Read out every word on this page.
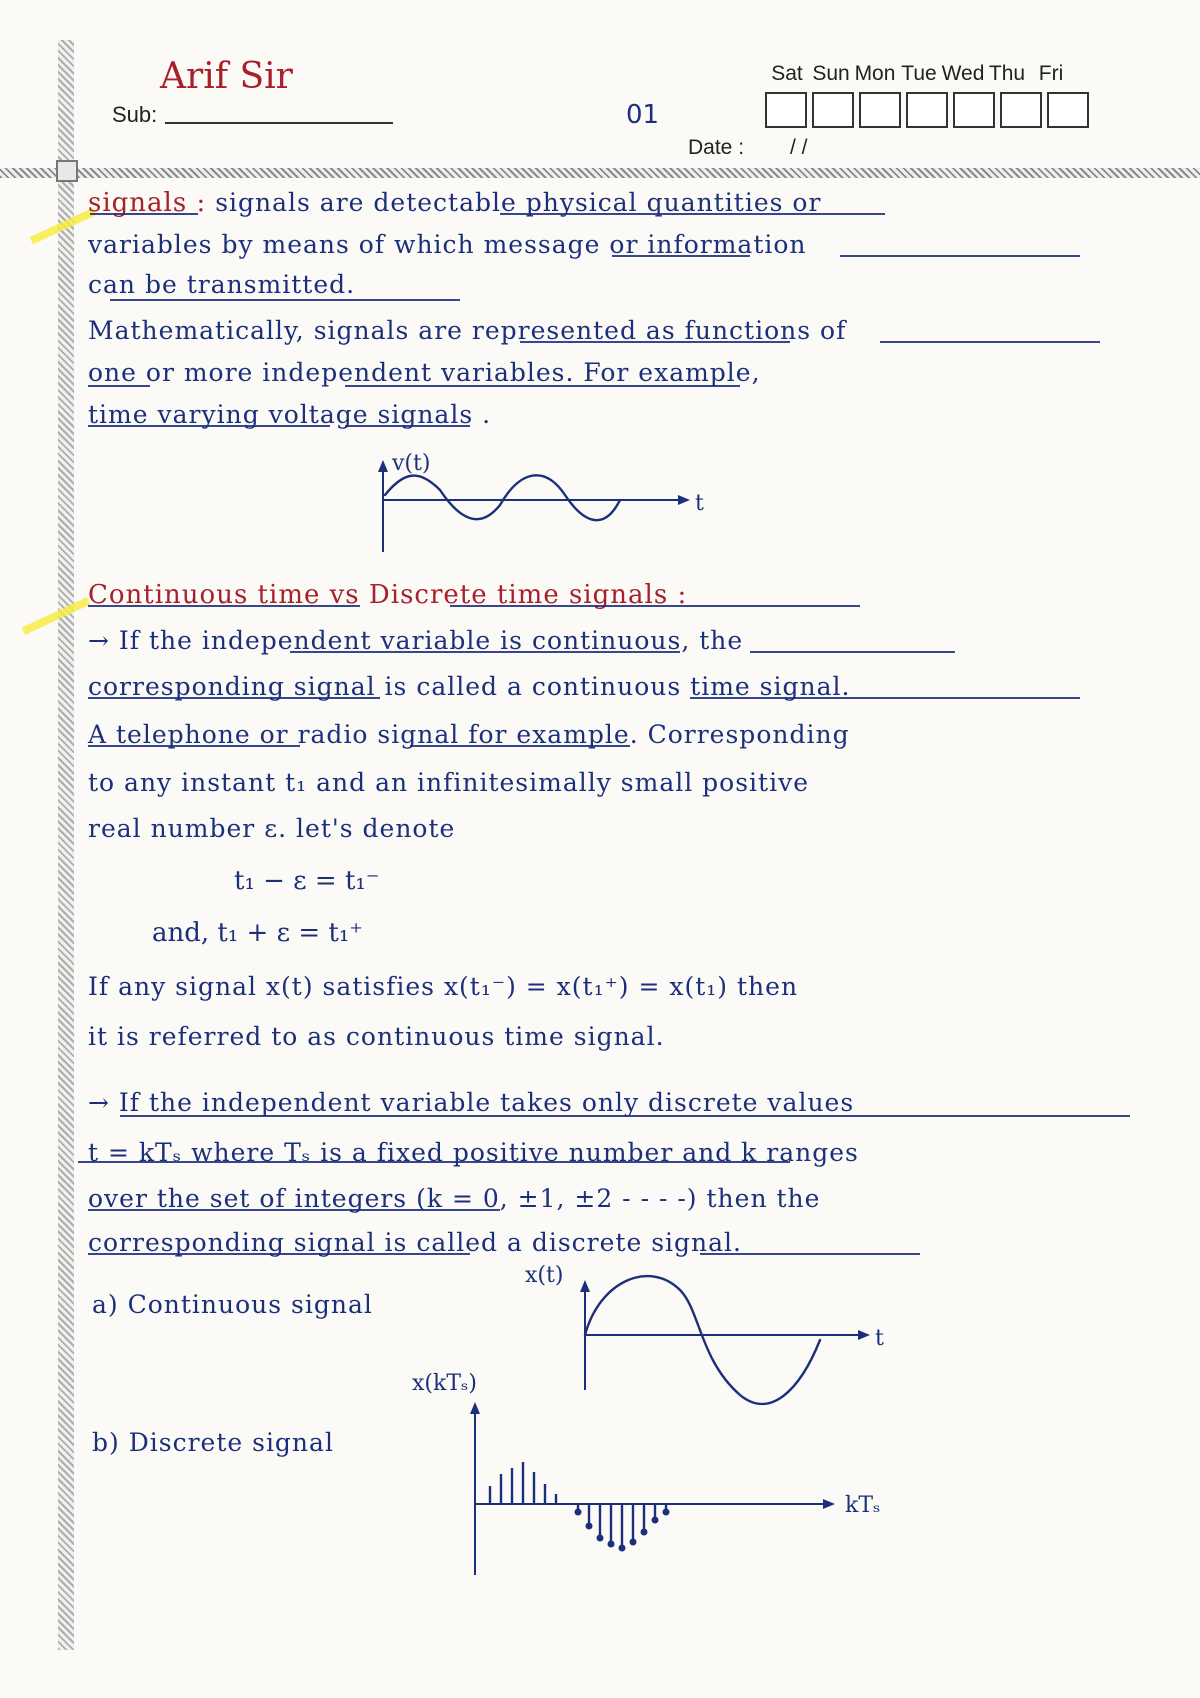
Arif Sir
Sub:	01
Sat Sun Mon Tue Wed Thu Fri
Date : / /
signals : signals are detectable physical quantities or
variables by means of which message or information
can be transmitted.
Mathematically, signals are represented as functions of
one or more independent variables. For example,
time varying voltage signals .
Continuous time vs Discrete time signals :
→ If the independent variable is continuous, the
corresponding signal is called a continuous time signal.
A telephone or radio signal for example. Corresponding
to any instant t₁ and an infinitesimally small positive
real number ε. let's denote
t₁ − ε = t₁⁻
and, t₁ + ε = t₁⁺
If any signal x(t) satisfies x(t₁⁻) = x(t₁⁺) = x(t₁) then
it is referred to as continuous time signal.
→ If the independent variable takes only discrete values
t = kTₛ where Tₛ is a fixed positive number and k ranges
over the set of integers (k = 0, ±1, ±2 - - - -) then the
corresponding signal is called a discrete signal.
a) Continuous signal
b) Discrete signal
v(t)
t
x(t)
t
x(kTₛ)
kTₛ
